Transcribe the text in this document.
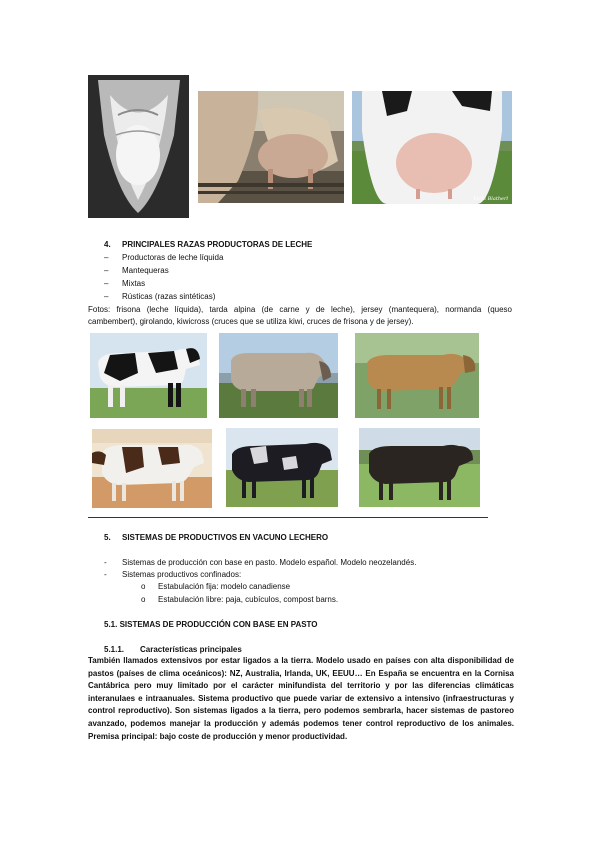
Vicki Blatherl
4. PRINCIPALES RAZAS PRODUCTORAS DE LECHE
– Productoras de leche líquida
– Mantequeras
– Mixtas
– Rústicas (razas sintéticas)
Fotos: frisona (leche líquida), tarda alpina (de carne y de leche), jersey (mantequera), normanda (queso
cambembert), girolando, kiwicross (cruces que se utiliza kiwi, cruces de frisona y de jersey).
5. SISTEMAS DE PRODUCTIVOS EN VACUNO LECHERO
- Sistemas de producción con base en pasto. Modelo español. Modelo neozelandés.
- Sistemas productivos confinados:
o Estabulación fija: modelo canadiense
o Estabulación libre: paja, cubículos, compost barns.
5.1. SISTEMAS DE PRODUCCIÓN CON BASE EN PASTO
5.1.1. Características principales
También llamados extensivos por estar ligados a la tierra. Modelo usado en países con alta disponibilidad de pastos (países de clima oceánicos): NZ, Australia, Irlanda, UK, EEUU… En España se encuentra en la Cornisa Cantábrica pero muy limitado por el carácter minifundista del territorio y por las diferencias climáticas interanulaes e intraanuales. Sistema productivo que puede variar de extensivo a intensivo (infraestructuras y control reproductivo). Son sistemas ligados a la tierra, pero podemos sembrarla, hacer sistemas de pastoreo avanzado, podemos manejar la producción y además podemos tener control reproductivo de los animales. Premisa principal: bajo coste de producción y menor productividad.
